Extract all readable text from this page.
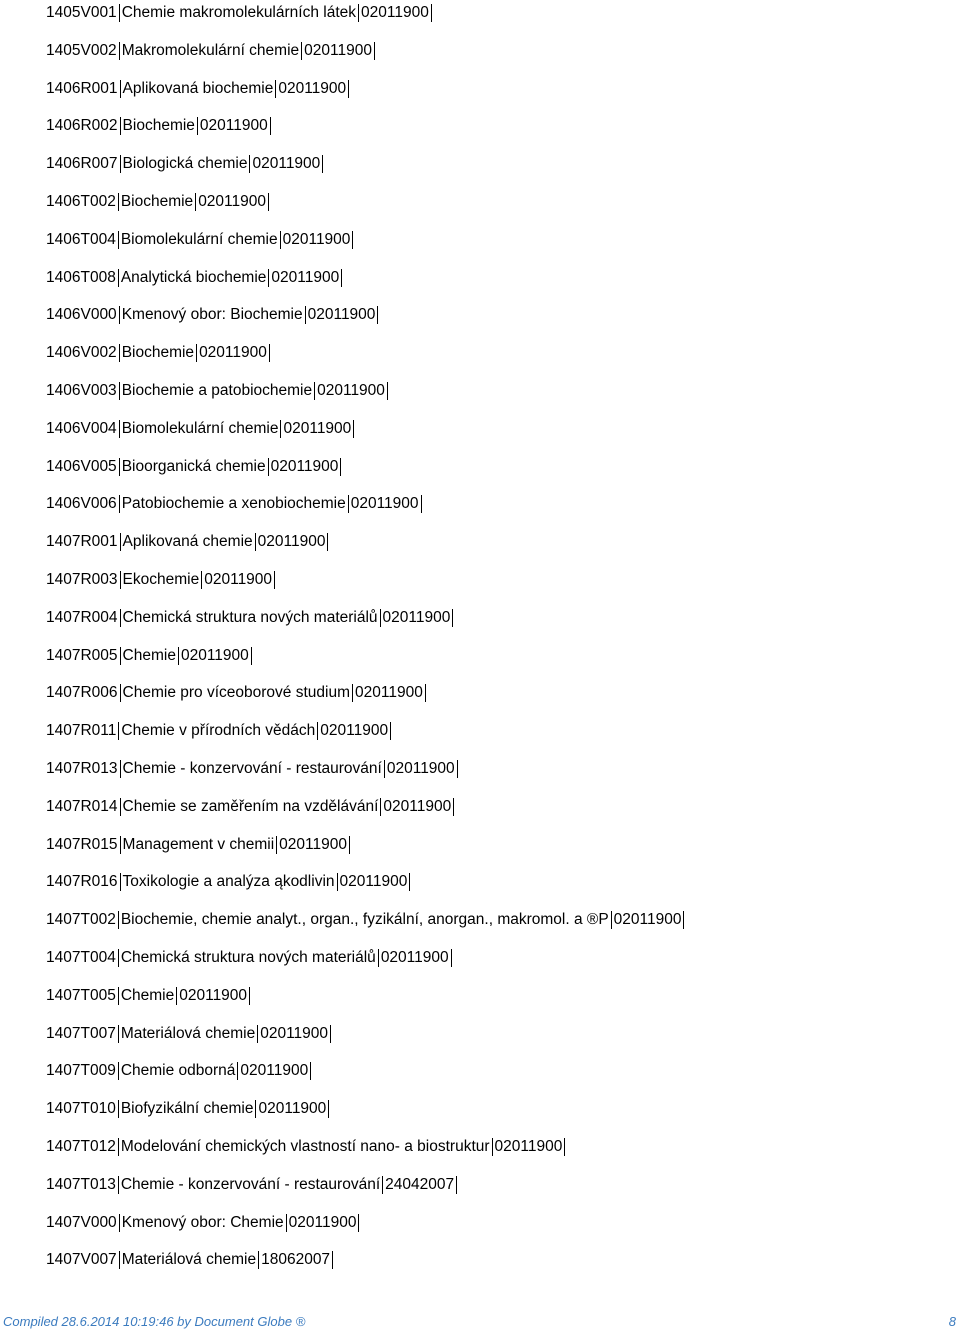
1405V001 Chemie makromolekulárních látek 02011900
1405V002 Makromolekulární chemie 02011900
1406R001 Aplikovaná biochemie 02011900
1406R002 Biochemie 02011900
1406R007 Biologická chemie 02011900
1406T002 Biochemie 02011900
1406T004 Biomolekulární chemie 02011900
1406T008 Analytická biochemie 02011900
1406V000 Kmenový obor: Biochemie 02011900
1406V002 Biochemie 02011900
1406V003 Biochemie a patobiochemie 02011900
1406V004 Biomolekulární chemie 02011900
1406V005 Bioorganická chemie 02011900
1406V006 Patobiochemie a xenobiochemie 02011900
1407R001 Aplikovaná chemie 02011900
1407R003 Ekochemie 02011900
1407R004 Chemická struktura nových materiálů 02011900
1407R005 Chemie 02011900
1407R006 Chemie pro víceoborové studium 02011900
1407R011 Chemie v přírodních vědách 02011900
1407R013 Chemie - konzervování - restaurování 02011900
1407R014 Chemie se zaměřením na vzdělávání 02011900
1407R015 Management v chemii 02011900
1407R016 Toxikologie a analýza ąkodlivin 02011900
1407T002 Biochemie, chemie analyt., organ., fyzikální, anorgan., makromol. a ®P 02011900
1407T004 Chemická struktura nových materiálů 02011900
1407T005 Chemie 02011900
1407T007 Materiálová chemie 02011900
1407T009 Chemie odborná 02011900
1407T010 Biofyzikální chemie 02011900
1407T012 Modelování chemických vlastností nano- a biostruktur 02011900
1407T013 Chemie - konzervování - restaurování 24042007
1407V000 Kmenový obor: Chemie 02011900
1407V007 Materiálová chemie 18062007
Compiled 28.6.2014 10:19:46 by Document Globe ®	8
